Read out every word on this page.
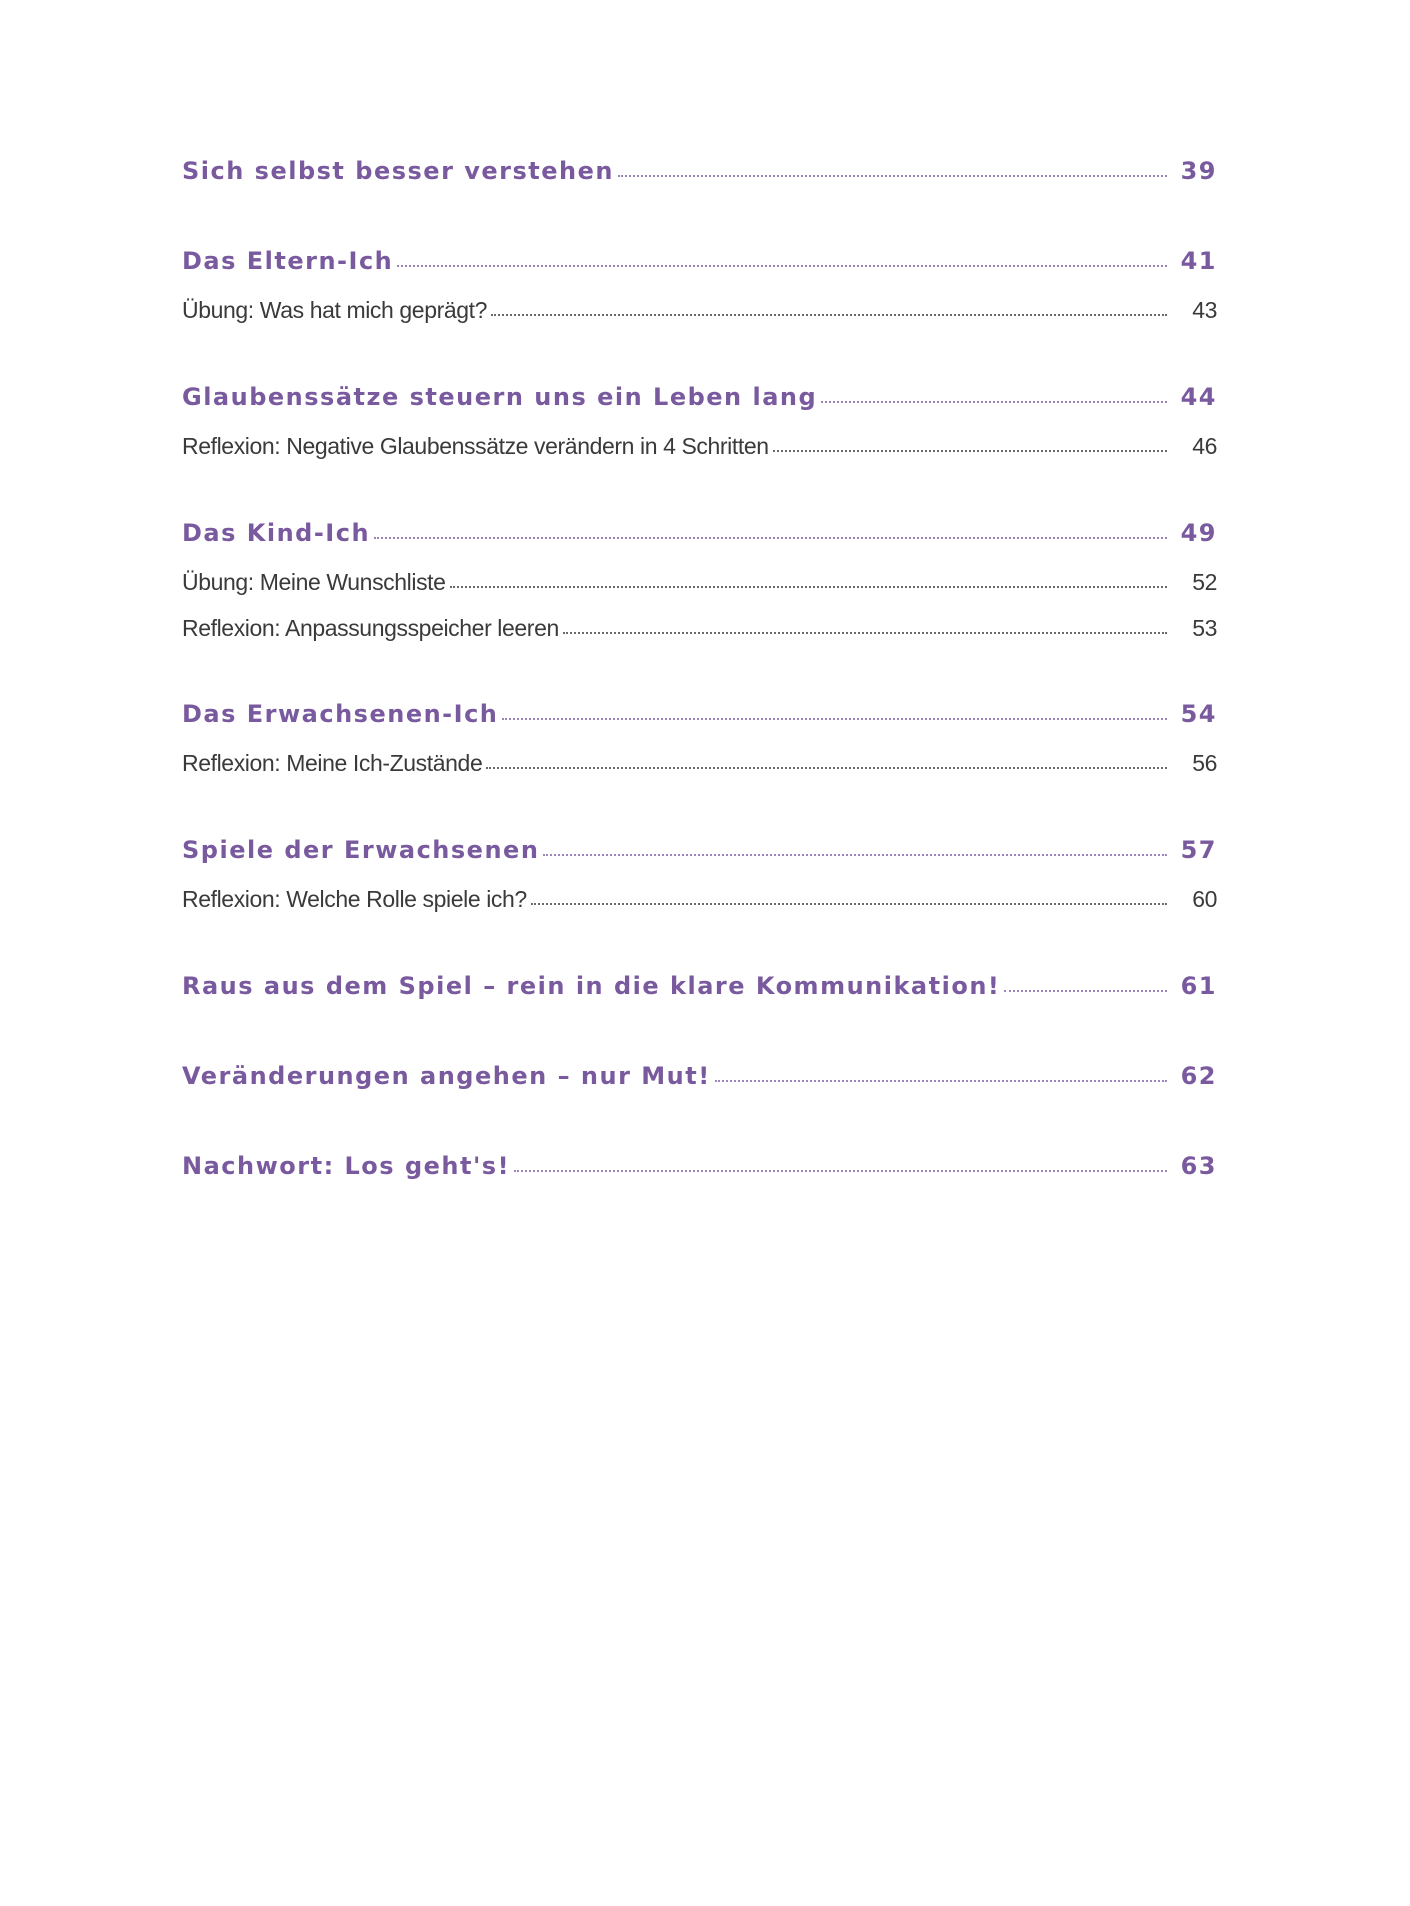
Sich selbst besser verstehen	39
Das Eltern-Ich	41
Übung: Was hat mich geprägt?	43
Glaubenssätze steuern uns ein Leben lang	44
Reflexion: Negative Glaubenssätze verändern in 4 Schritten	46
Das Kind-Ich	49
Übung: Meine Wunschliste	52
Reflexion: Anpassungsspeicher leeren	53
Das Erwachsenen-Ich	54
Reflexion: Meine Ich-Zustände	56
Spiele der Erwachsenen	57
Reflexion: Welche Rolle spiele ich?	60
Raus aus dem Spiel – rein in die klare Kommunikation!	61
Veränderungen angehen – nur Mut!	62
Nachwort: Los geht's!	63
